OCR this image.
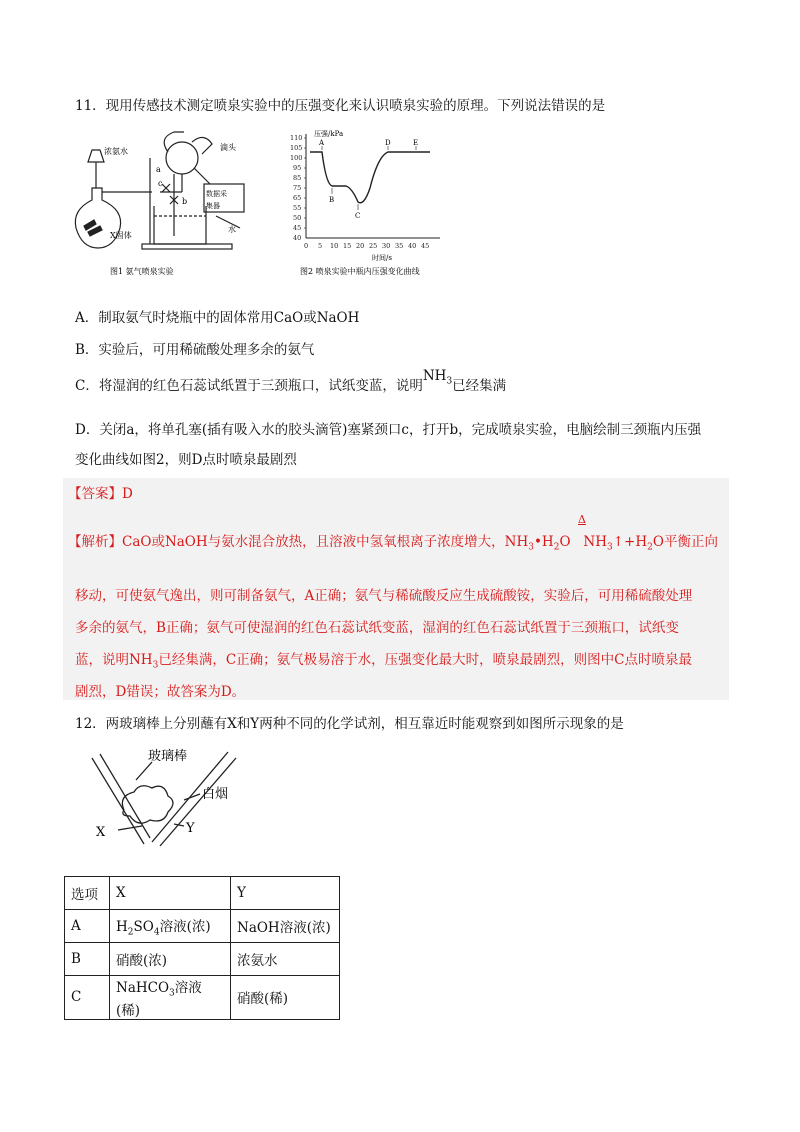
11．现用传感技术测定喷泉实验中的压强变化来认识喷泉实验的原理。下列说法错误的是
浓氨水	滴头
a
c
b
数据采
集器
水
X固体
图1 氨气喷泉实验
110
105
100
95
85
75
65
55
50
45
40
0 5 10 15 20 25 30 35 40 45
压强/kPa
时间/s
A
B
C
D	E
图2 喷泉实验中瓶内压强变化曲线
A．制取氨气时烧瓶中的固体常用CaO或NaOH
B．实验后，可用稀硫酸处理多余的氨气
C．将湿润的红色石蕊试纸置于三颈瓶口，试纸变蓝，说明$NH_3$已经集满
D．关闭a，将单孔塞(插有吸入水的胶头滴管)塞紧颈口c，打开b，完成喷泉实验，电脑绘制三颈瓶内压强
变化曲线如图2，则D点时喷泉最剧烈
【答案】D
Δ
【解析】CaO或NaOH与氨水混合放热，且溶液中氢氧根离子浓度增大，$NH_3•H_2O$ $NH_3↑+H_2O$平衡正向
移动，可使氨气逸出，则可制备氨气，A正确；氨气与稀硫酸反应生成硫酸铵，实验后，可用稀硫酸处理
多余的氨气，B正确；氨气可使湿润的红色石蕊试纸变蓝，湿润的红色石蕊试纸置于三颈瓶口，试纸变
蓝，说明$NH_3$已经集满，C正确；氨气极易溶于水，压强变化最大时，喷泉最剧烈，则图中C点时喷泉最
剧烈，D错误；故答案为D。
12．两玻璃棒上分别蘸有X和Y两种不同的化学试剂，相互靠近时能观察到如图所示现象的是
玻璃棒
白烟
X	Y
选项	X	Y
A	$H_2SO_4$溶液(浓)	NaOH溶液(浓)
B	硝酸(浓)	浓氨水
C	NaHCO$_3$溶液(稀)	硝酸(稀)
